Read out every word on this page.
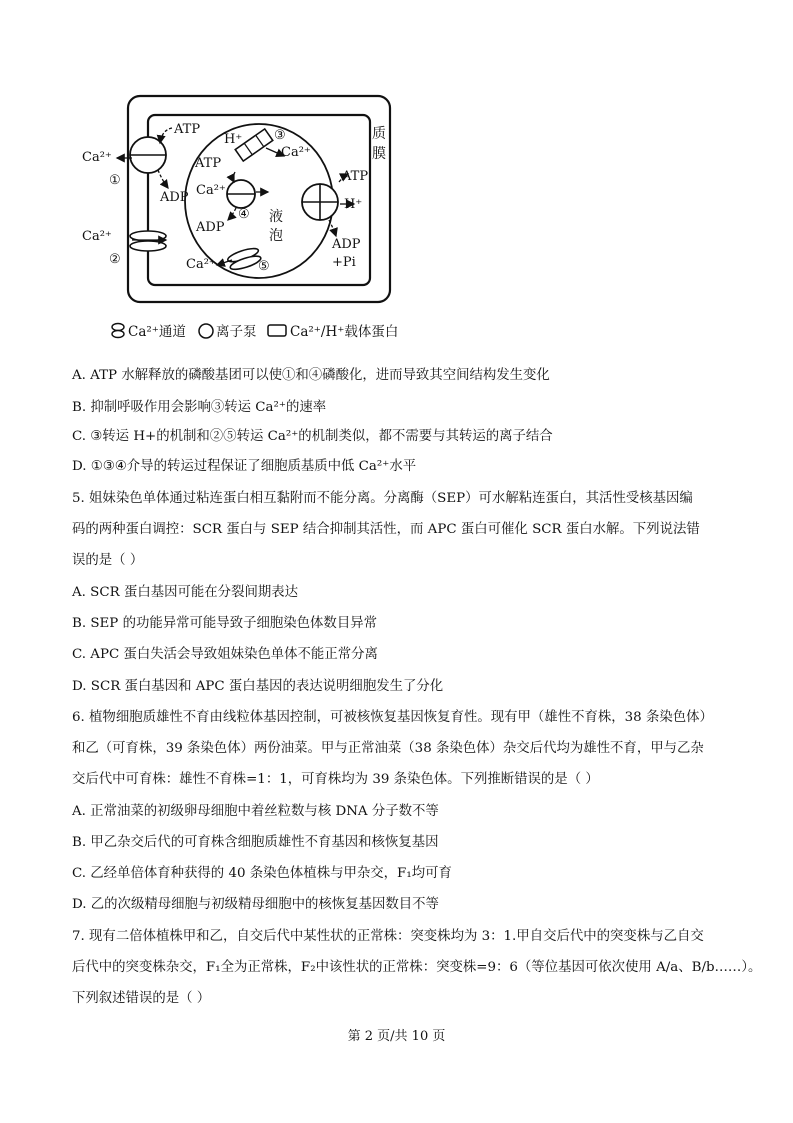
ATP
Ca²⁺
①
ADP
Ca²⁺
②
H⁺ ③
Ca²⁺
ATP
Ca²⁺
④
ADP
液
泡
Ca²⁺	⑤
ATP
H⁺
ADP
+Pi
质
膜
Ca²⁺通道 离子泵 Ca²⁺/H⁺载体蛋白
A. ATP 水解释放的磷酸基团可以使①和④磷酸化，进而导致其空间结构发生变化
B. 抑制呼吸作用会影响③转运 Ca²⁺的速率
C. ③转运 H+的机制和②⑤转运 Ca²⁺的机制类似，都不需要与其转运的离子结合
D. ①③④介导的转运过程保证了细胞质基质中低 Ca²⁺水平
5. 姐妹染色单体通过粘连蛋白相互黏附而不能分离。分离酶（SEP）可水解粘连蛋白，其活性受核基因编
码的两种蛋白调控：SCR 蛋白与 SEP 结合抑制其活性，而 APC 蛋白可催化 SCR 蛋白水解。下列说法错
误的是（ ）
A. SCR 蛋白基因可能在分裂间期表达
B. SEP 的功能异常可能导致子细胞染色体数目异常
C. APC 蛋白失活会导致姐妹染色单体不能正常分离
D. SCR 蛋白基因和 APC 蛋白基因的表达说明细胞发生了分化
6. 植物细胞质雄性不育由线粒体基因控制，可被核恢复基因恢复育性。现有甲（雄性不育株，38 条染色体）
和乙（可育株，39 条染色体）两份油菜。甲与正常油菜（38 条染色体）杂交后代均为雄性不育，甲与乙杂
交后代中可育株：雄性不育株=1：1，可育株均为 39 条染色体。下列推断错误的是（ ）
A. 正常油菜的初级卵母细胞中着丝粒数与核 DNA 分子数不等
B. 甲乙杂交后代的可育株含细胞质雄性不育基因和核恢复基因
C. 乙经单倍体育种获得的 40 条染色体植株与甲杂交，F₁均可育
D. 乙的次级精母细胞与初级精母细胞中的核恢复基因数目不等
7. 现有二倍体植株甲和乙，自交后代中某性状的正常株：突变株均为 3：1.甲自交后代中的突变株与乙自交
后代中的突变株杂交，F₁全为正常株，F₂中该性状的正常株：突变株=9：6（等位基因可依次使用 A/a、B/b……）。
下列叙述错误的是（ ）
第 2 页/共 10 页
